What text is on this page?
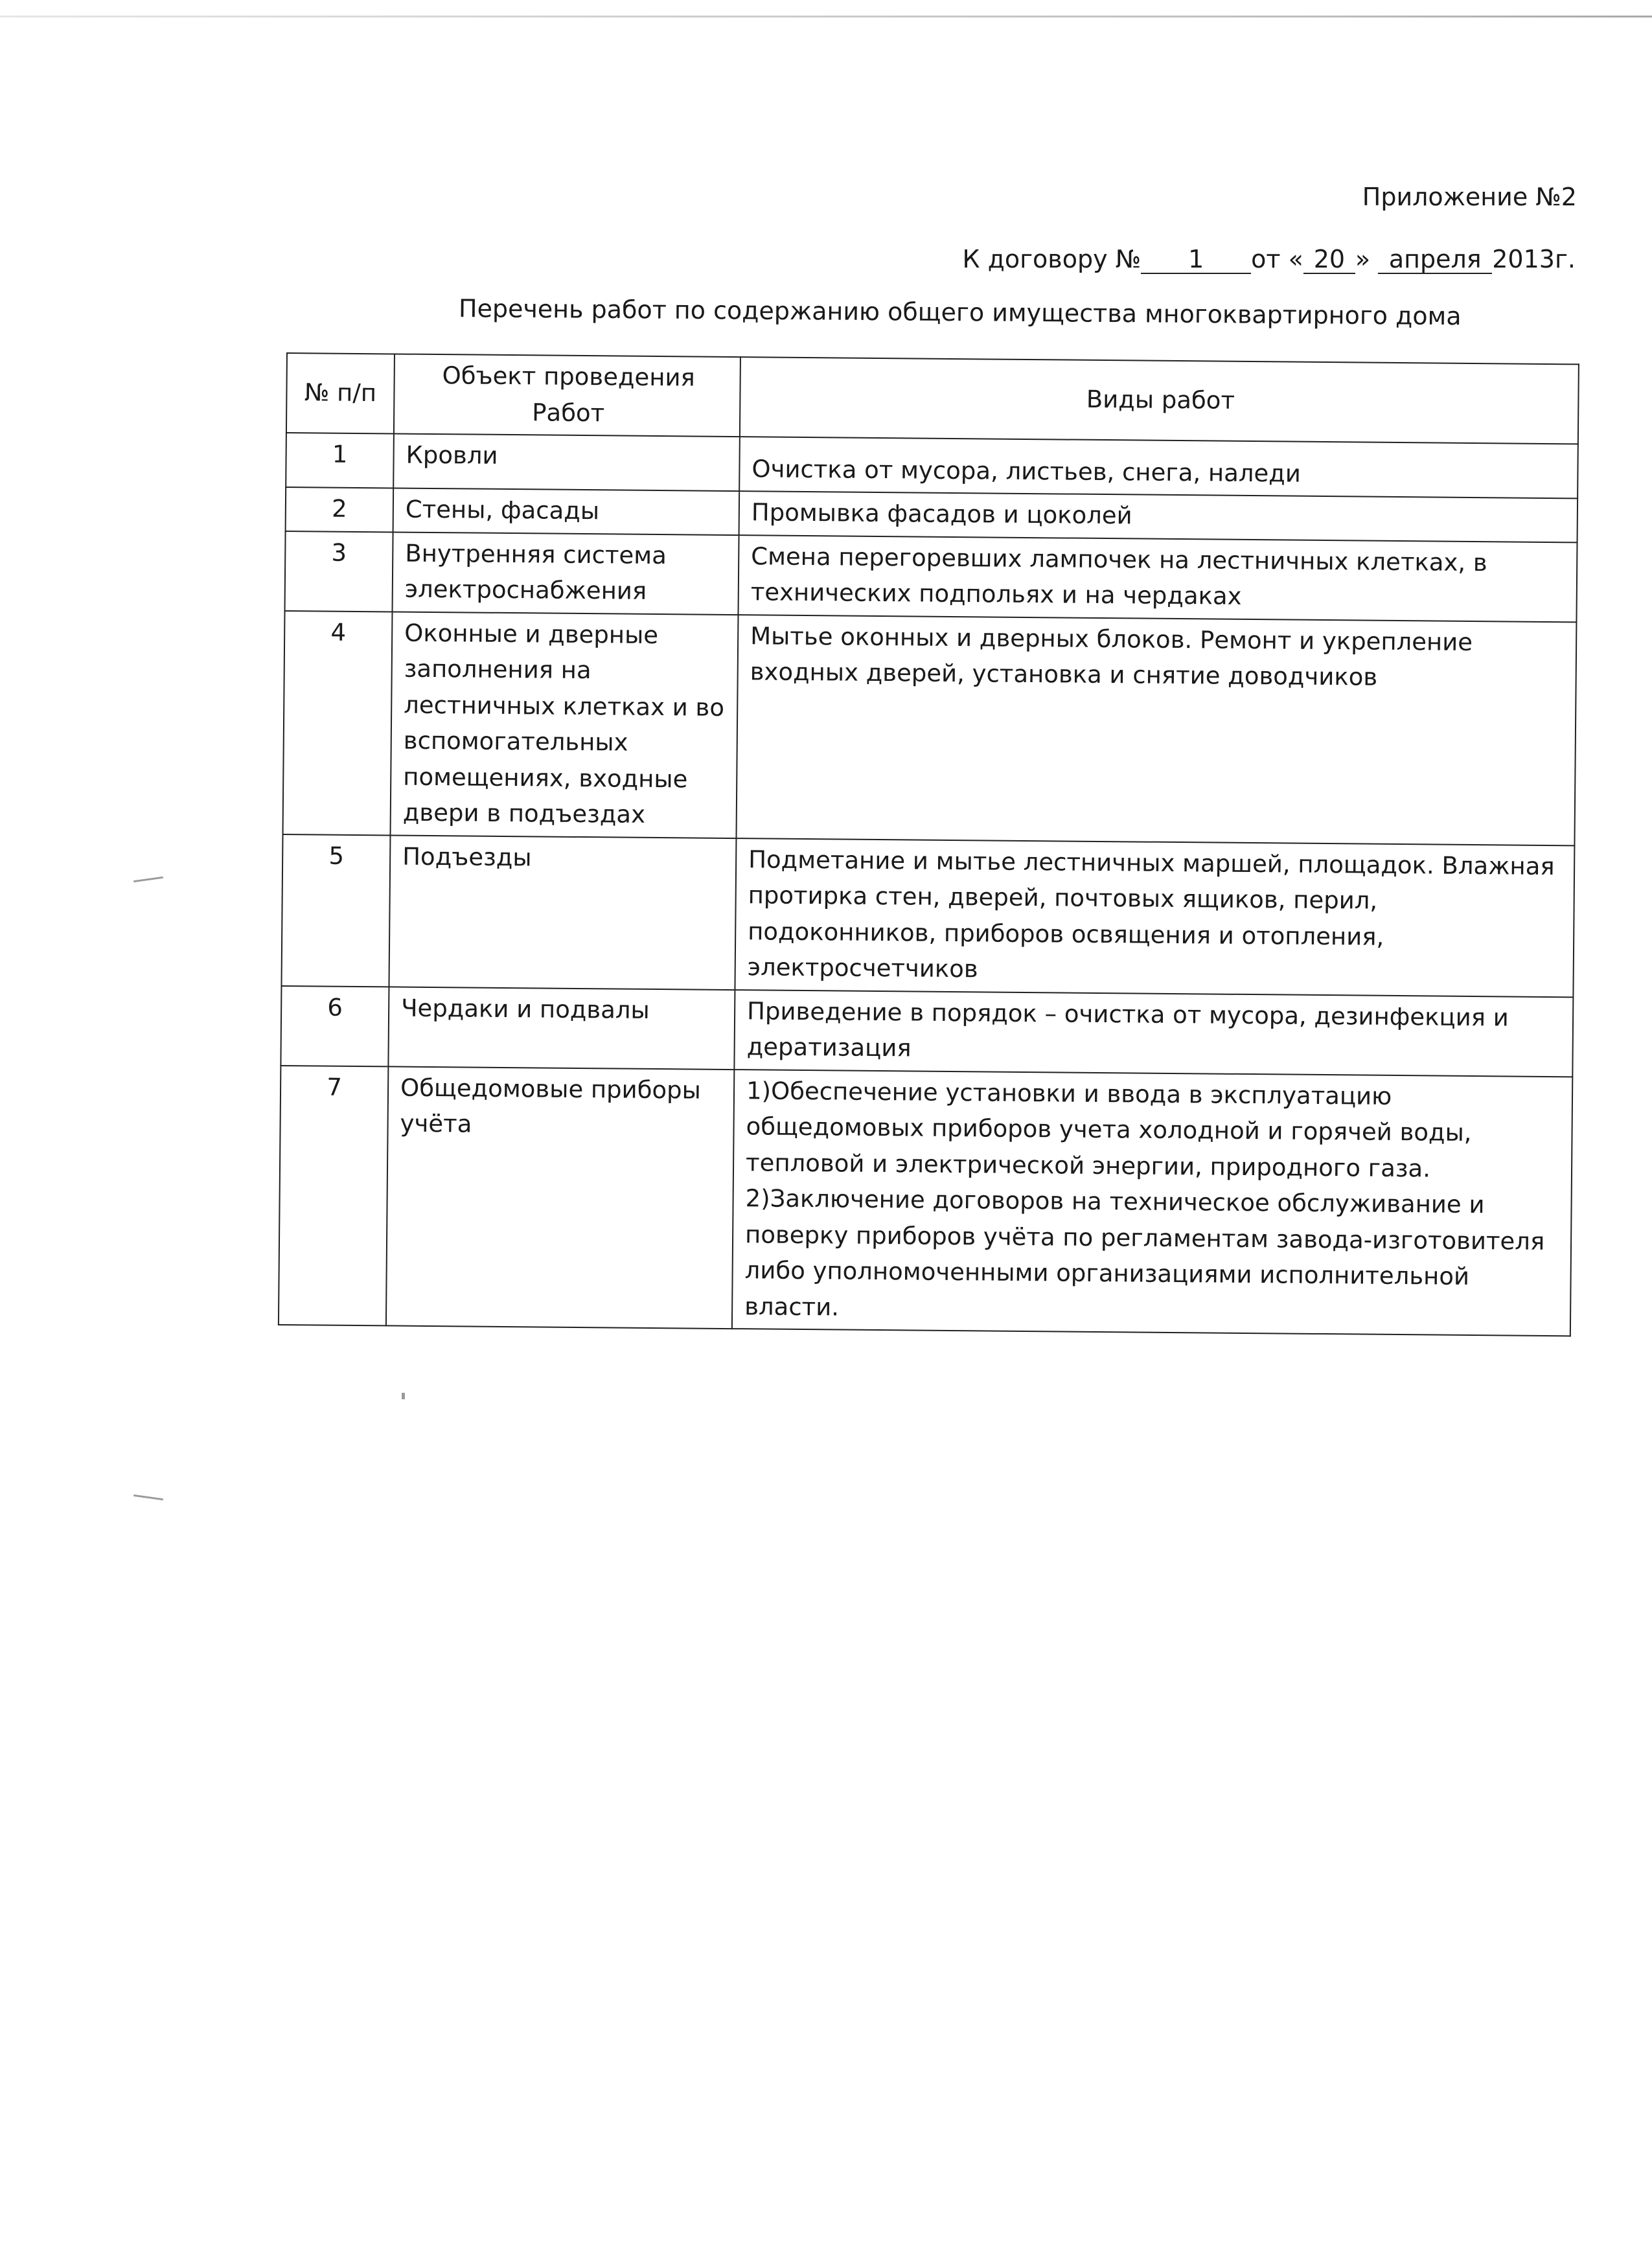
Приложение №2
К договору № 1 от « 20 » апреля 2013г.
Перечень работ по содержанию общего имущества многоквартирного дома
№ п/п	Объект проведения Работ	Виды работ
1	Кровли	Очистка от мусора, листьев, снега, наледи
2	Стены, фасады	Промывка фасадов и цоколей
3	Внутренняя система электроснабжения	Смена перегоревших лампочек на лестничных клетках, в технических подпольях и на чердаках
4	Оконные и дверные заполнения на лестничных клетках и во вспомогательных помещениях, входные двери в подъездах	Мытье оконных и дверных блоков. Ремонт и укрепление входных дверей, установка и снятие доводчиков
5	Подъезды	Подметание и мытье лестничных маршей, площадок. Влажная протирка стен, дверей, почтовых ящиков, перил, подоконников, приборов освящения и отопления, электросчетчиков
6	Чердаки и подвалы	Приведение в порядок – очистка от мусора, дезинфекция и дератизация
7	Общедомовые приборы учёта	1)Обеспечение установки и ввода в эксплуатацию общедомовых приборов учета холодной и горячей воды, тепловой и электрической энергии, природного газа.
2)Заключение договоров на техническое обслуживание и поверку приборов учёта по регламентам завода-изготовителя либо уполномоченными организациями исполнительной власти.
